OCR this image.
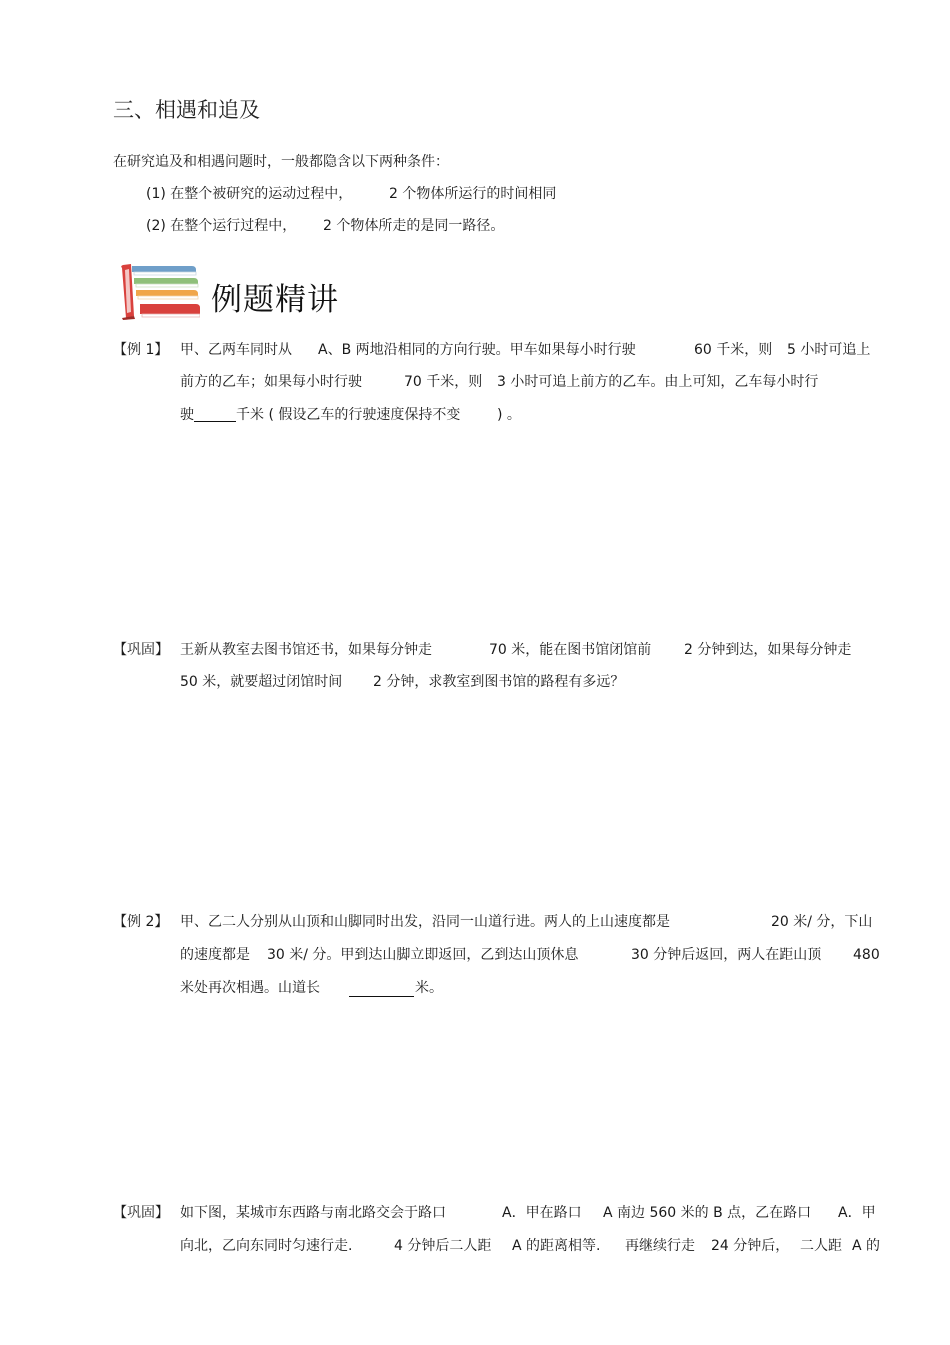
三、相遇和追及
在研究追及和相遇问题时，一般都隐含以下两种条件：
(1) 在整个被研究的运动过程中，	2 个物体所运行的时间相同
(2) 在整个运行过程中， 2 个物体所走的是同一路径。
例题精讲
【例 1】 甲、乙两车同时从 A、B 两地沿相同的方向行驶。甲车如果每小时行驶	60 千米，则 5 小时可追上
前方的乙车；如果每小时行驶	70 千米，则 3 小时可追上前方的乙车。由上可知，乙车每小时行
驶	千米 ( 假设乙车的行驶速度保持不变	) 。
【巩固】 王新从教室去图书馆还书，如果每分钟走	70 米，能在图书馆闭馆前 2 分钟到达，如果每分钟走
50 米，就要超过闭馆时间 2 分钟，求教室到图书馆的路程有多远？
【例 2】 甲、乙二人分别从山顶和山脚同时出发，沿同一山道行进。两人的上山速度都是	20 米/ 分，下山
的速度都是 30 米/ 分。甲到达山脚立即返回，乙到达山顶休息	30 分钟后返回，两人在距山顶 480
米处再次相遇。山道长	米。
【巩固】 如下图，某城市东西路与南北路交会于路口	A．甲在路口 A 南边 560 米的 B 点，乙在路口 A．甲
向北，乙向东同时匀速行走.	4 分钟后二人距 A 的距离相等. 再继续行走 24 分钟后， 二人距 A 的
